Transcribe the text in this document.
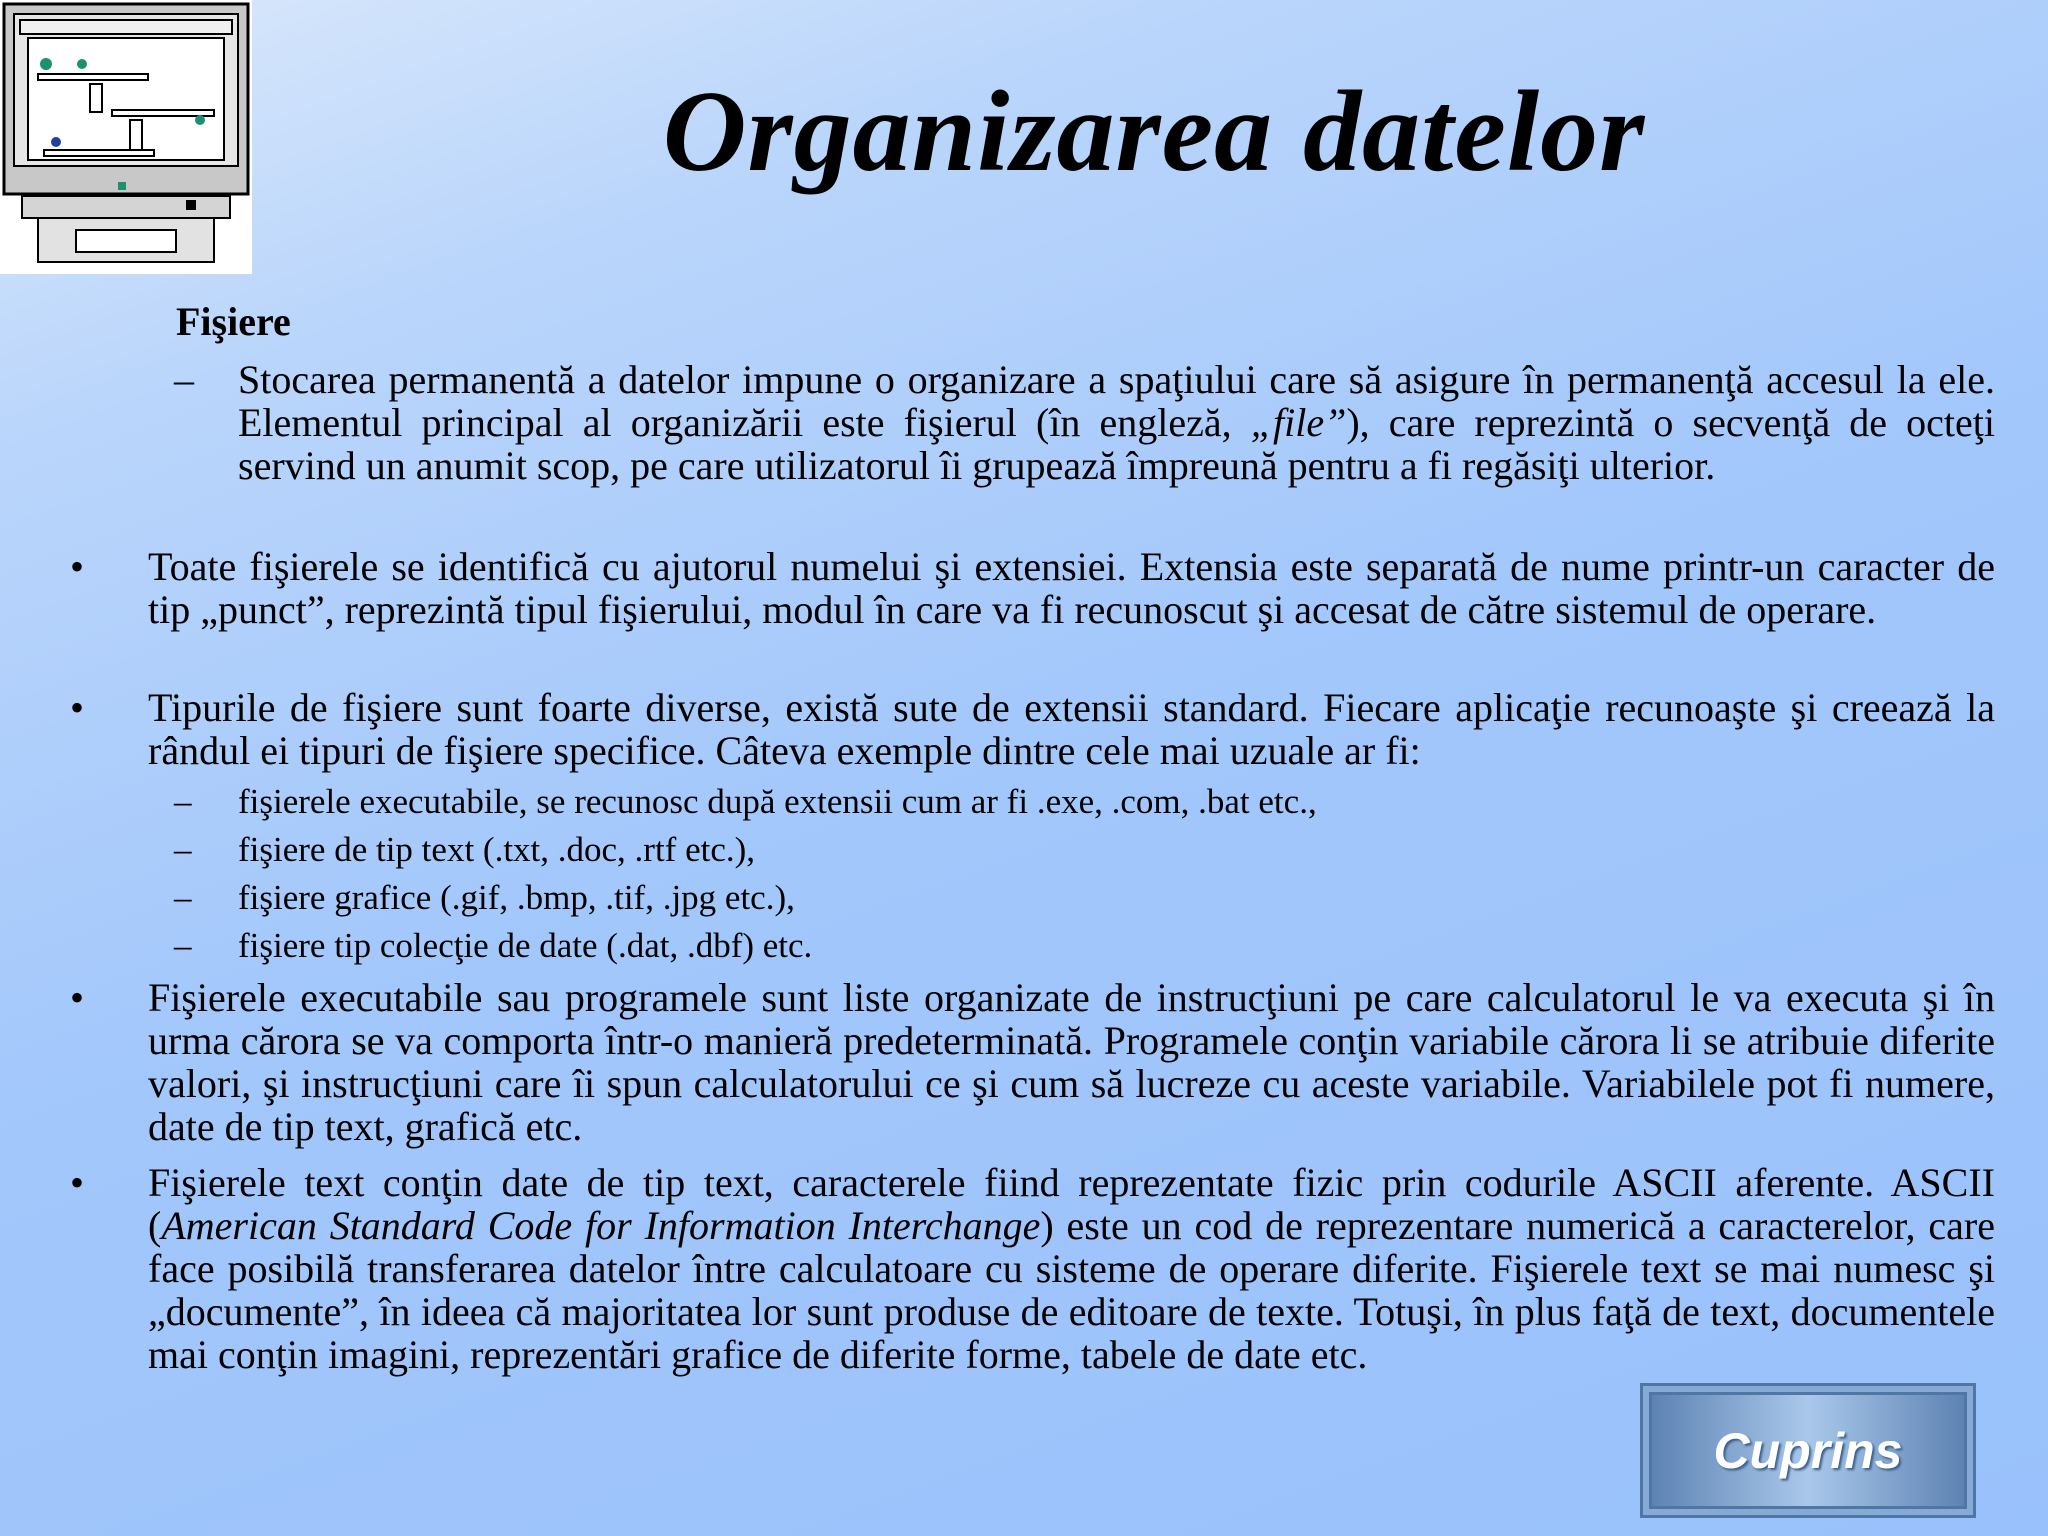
Organizarea datelor
Fişiere
– Stocarea permanentă a datelor impune o organizare a spaţiului care să asigure în permanenţă accesul la ele. Elementul principal al organizării este fişierul (în engleză, „file”), care reprezintă o secvenţă de octeţi servind un anumit scop, pe care utilizatorul îi grupează împreună pentru a fi regăsiţi ulterior.
• Toate fişierele se identifică cu ajutorul numelui şi extensiei. Extensia este separată de nume printr-un caracter de tip „punct”, reprezintă tipul fişierului, modul în care va fi recunoscut şi accesat de către sistemul de operare.
• Tipurile de fişiere sunt foarte diverse, există sute de extensii standard. Fiecare aplicaţie recunoaşte şi creează la rândul ei tipuri de fişiere specifice. Câteva exemple dintre cele mai uzuale ar fi:
– fişierele executabile, se recunosc după extensii cum ar fi .exe, .com, .bat etc.,
– fişiere de tip text (.txt, .doc, .rtf etc.),
– fişiere grafice (.gif, .bmp, .tif, .jpg etc.),
– fişiere tip colecţie de date (.dat, .dbf) etc.
• Fişierele executabile sau programele sunt liste organizate de instrucţiuni pe care calculatorul le va executa şi în urma cărora se va comporta într-o manieră predeterminată. Programele conţin variabile cărora li se atribuie diferite valori, şi instrucţiuni care îi spun calculatorului ce şi cum să lucreze cu aceste variabile. Variabilele pot fi numere, date de tip text, grafică etc.
• Fişierele text conţin date de tip text, caracterele fiind reprezentate fizic prin codurile ASCII aferente. ASCII (American Standard Code for Information Interchange) este un cod de reprezentare numerică a caracterelor, care face posibilă transferarea datelor între calculatoare cu sisteme de operare diferite. Fişierele text se mai numesc şi „documente”, în ideea că majoritatea lor sunt produse de editoare de texte. Totuşi, în plus faţă de text, documentele mai conţin imagini, reprezentări grafice de diferite forme, tabele de date etc.
Cuprins
